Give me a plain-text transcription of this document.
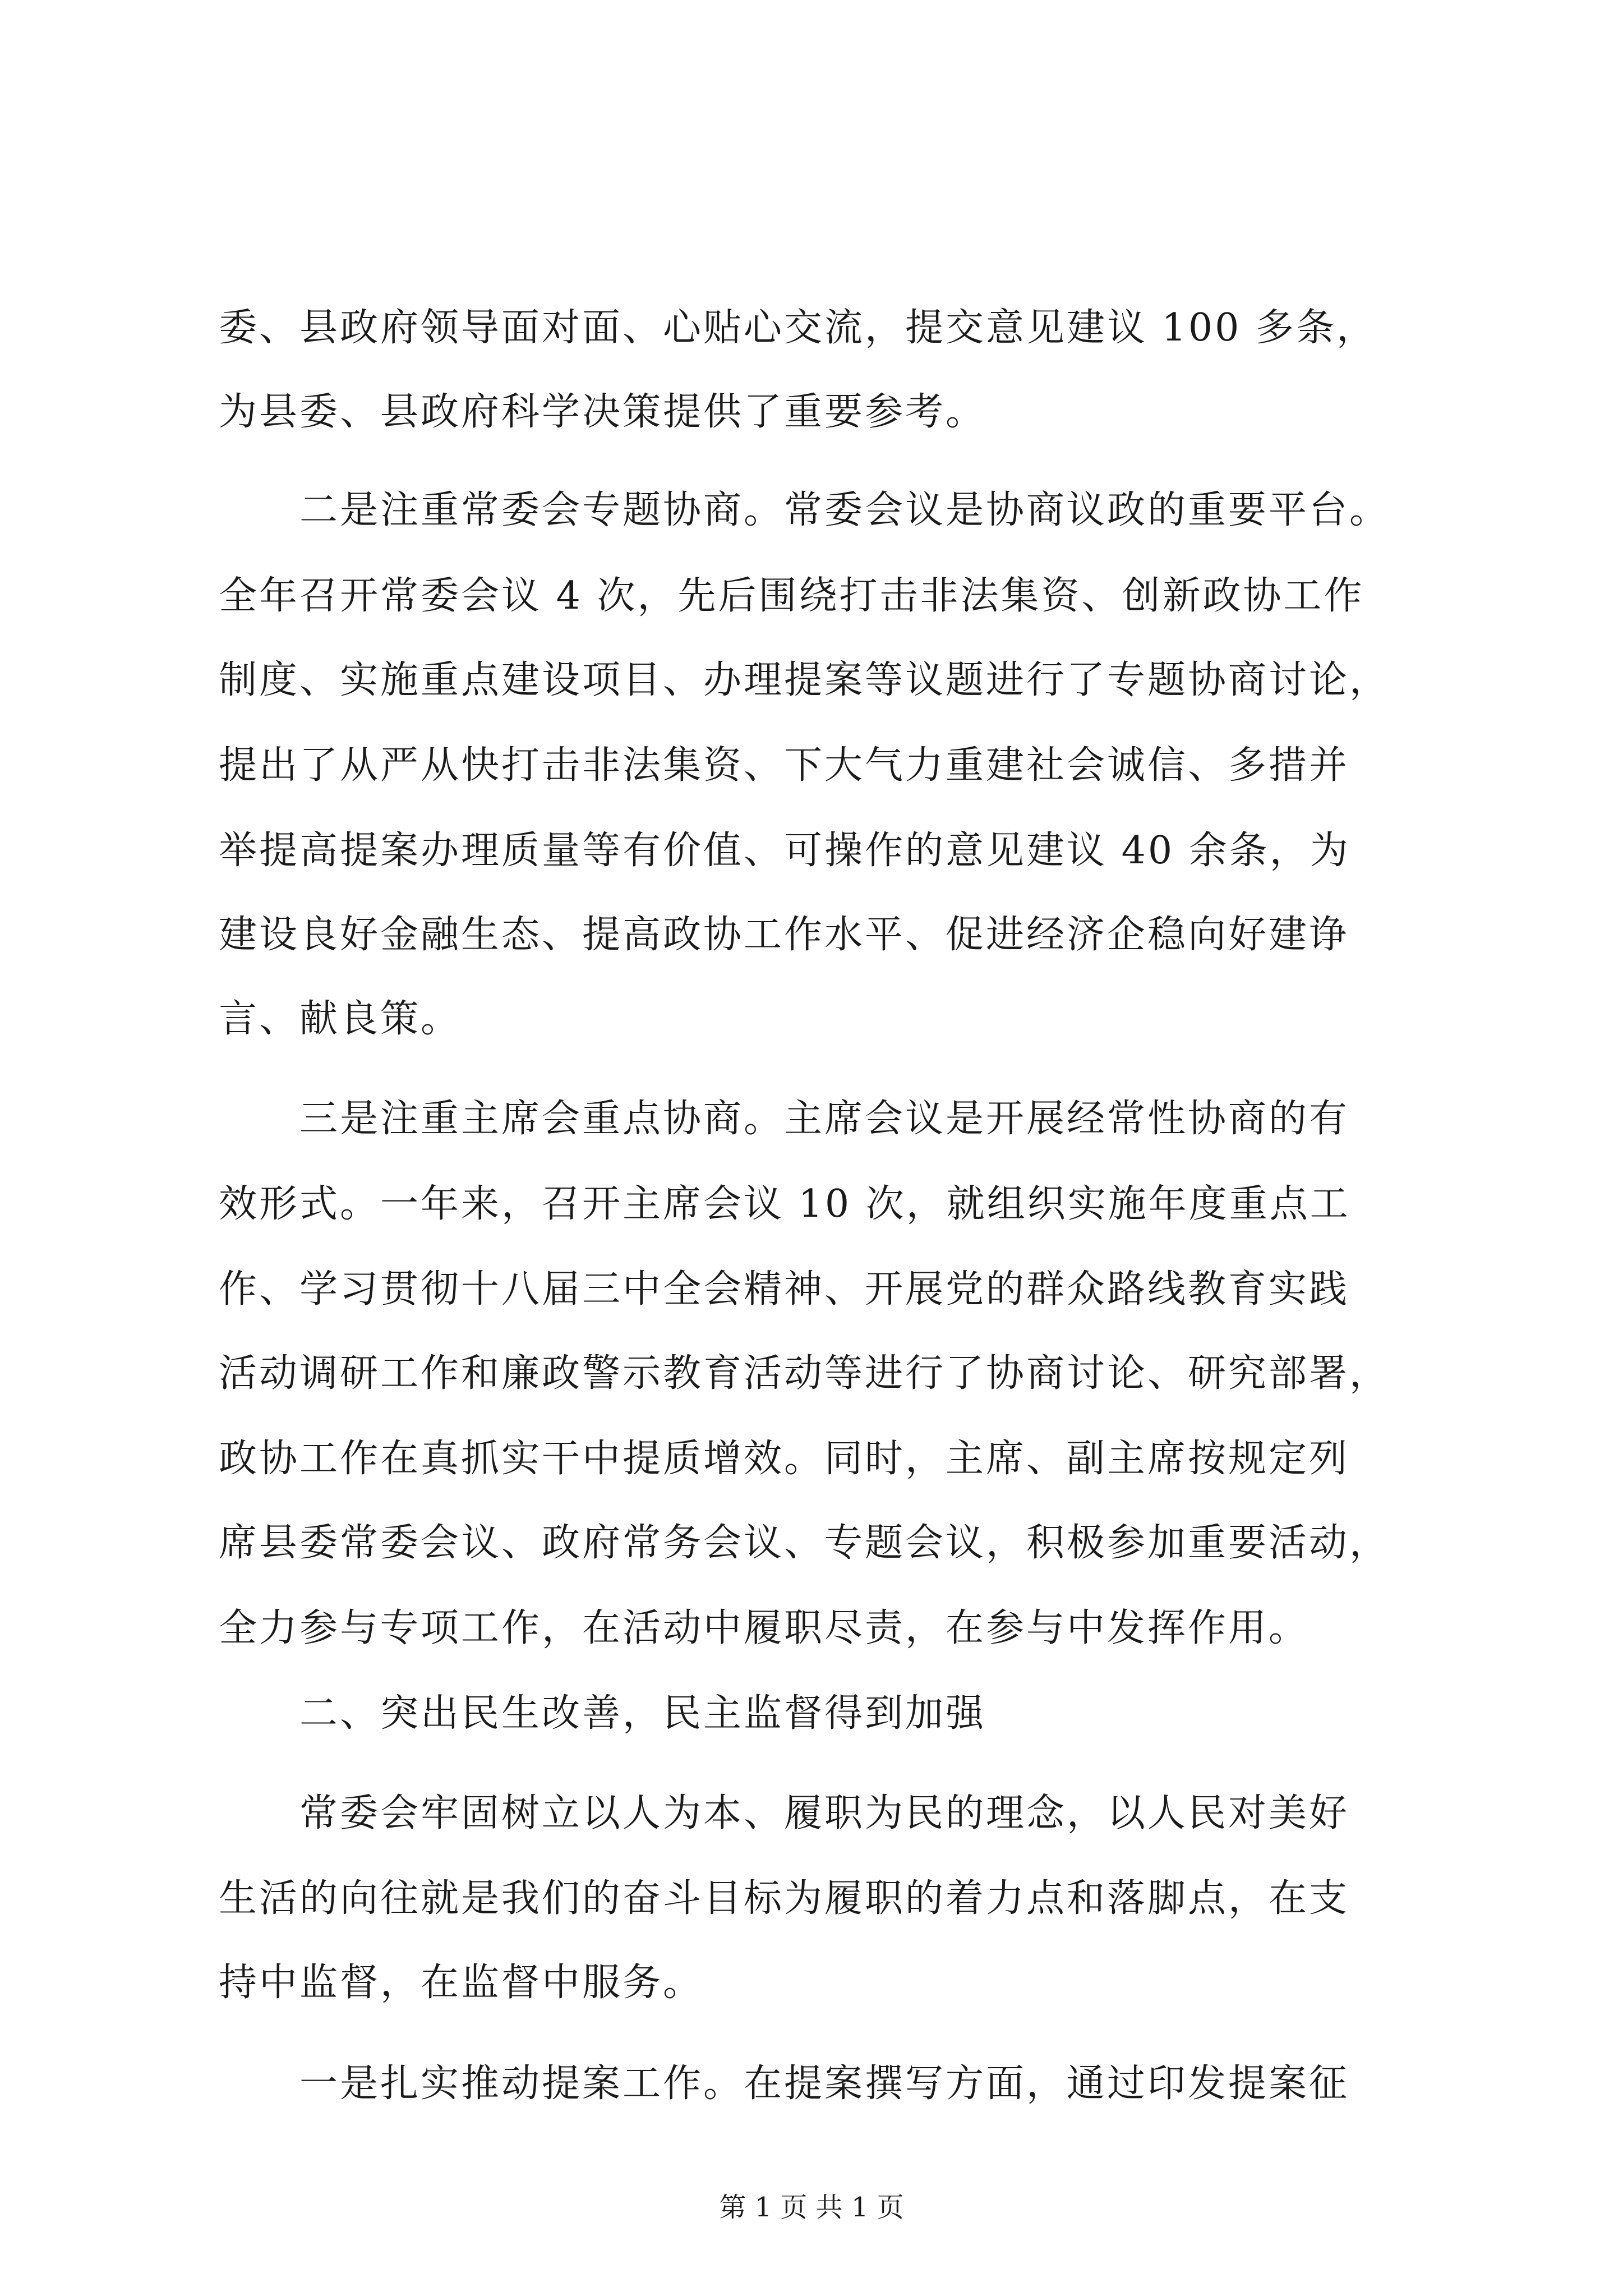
委、县政府领导面对面、心贴心交流，提交意见建议 100 多条，
为县委、县政府科学决策提供了重要参考。
　　二是注重常委会专题协商。常委会议是协商议政的重要平台。
全年召开常委会议 4 次，先后围绕打击非法集资、创新政协工作
制度、实施重点建设项目、办理提案等议题进行了专题协商讨论，
提出了从严从快打击非法集资、下大气力重建社会诚信、多措并
举提高提案办理质量等有价值、可操作的意见建议 40 余条，为
建设良好金融生态、提高政协工作水平、促进经济企稳向好建诤
言、献良策。
　　三是注重主席会重点协商。主席会议是开展经常性协商的有
效形式。一年来，召开主席会议 10 次，就组织实施年度重点工
作、学习贯彻十八届三中全会精神、开展党的群众路线教育实践
活动调研工作和廉政警示教育活动等进行了协商讨论、研究部署，
政协工作在真抓实干中提质增效。同时，主席、副主席按规定列
席县委常委会议、政府常务会议、专题会议，积极参加重要活动，
全力参与专项工作，在活动中履职尽责，在参与中发挥作用。
　　二、突出民生改善，民主监督得到加强
　　常委会牢固树立以人为本、履职为民的理念，以人民对美好
生活的向往就是我们的奋斗目标为履职的着力点和落脚点，在支
持中监督，在监督中服务。
　　一是扎实推动提案工作。在提案撰写方面，通过印发提案征
第 1 页 共 1 页
